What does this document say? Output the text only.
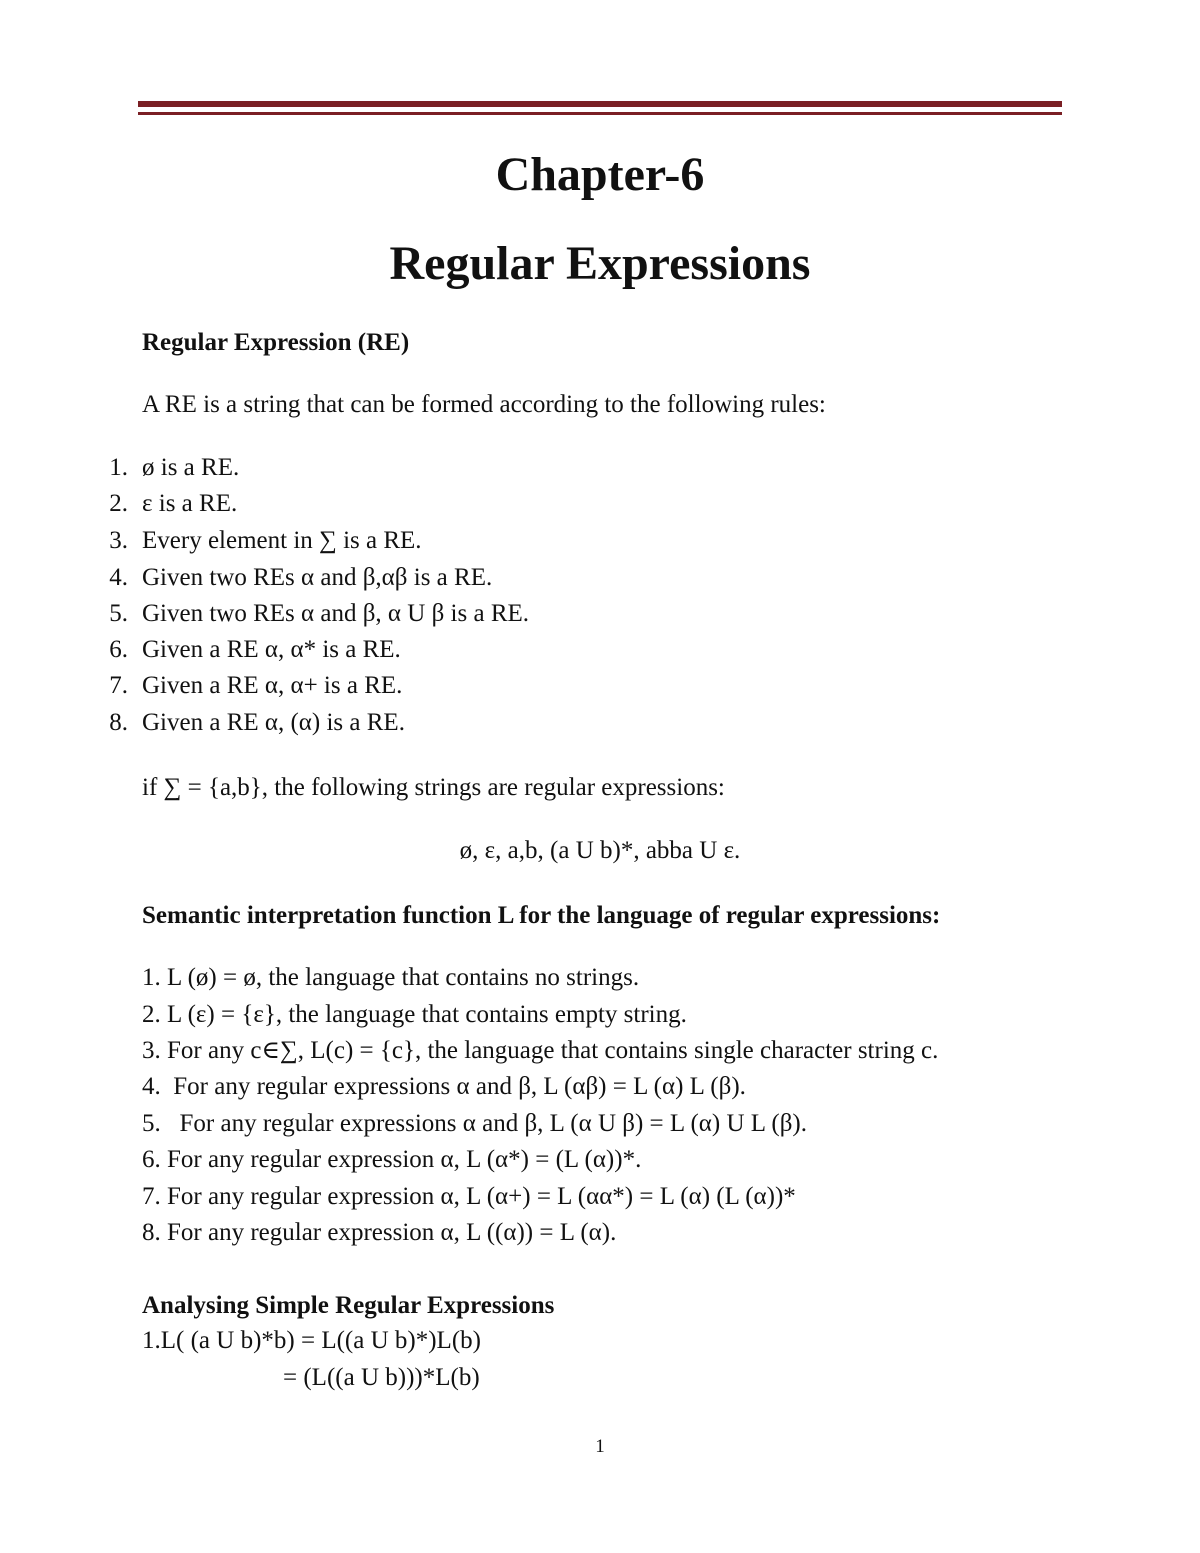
Chapter-6
Regular Expressions
Regular Expression (RE)
A RE is a string that can be formed according to the following rules:
1. ø is a RE.
2. ε is a RE.
3. Every element in ∑ is a RE.
4. Given two REs α and β,αβ is a RE.
5. Given two REs α and β, α U β is a RE.
6. Given a RE α, α* is a RE.
7. Given a RE α, α+ is a RE.
8. Given a RE α, (α) is a RE.
if ∑ = {a,b}, the following strings are regular expressions:
ø, ε, a,b, (a U b)*, abba U ε.
Semantic interpretation function L for the language of regular expressions:
1. L (ø) = ø, the language that contains no strings.
2. L (ε) = {ε}, the language that contains empty string.
3. For any c∈∑, L(c) = {c}, the language that contains single character string c.
4.  For any regular expressions α and β, L (αβ) = L (α) L (β).
5.   For any regular expressions α and β, L (α U β) = L (α) U L (β).
6. For any regular expression α, L (α*) = (L (α))*.
7. For any regular expression α, L (α+) = L (αα*) = L (α) (L (α))*
8. For any regular expression α, L ((α)) = L (α).
Analysing Simple Regular Expressions
1.L( (a U b)*b) = L((a U b)*)L(b)
= (L((a U b)))*L(b)
1
